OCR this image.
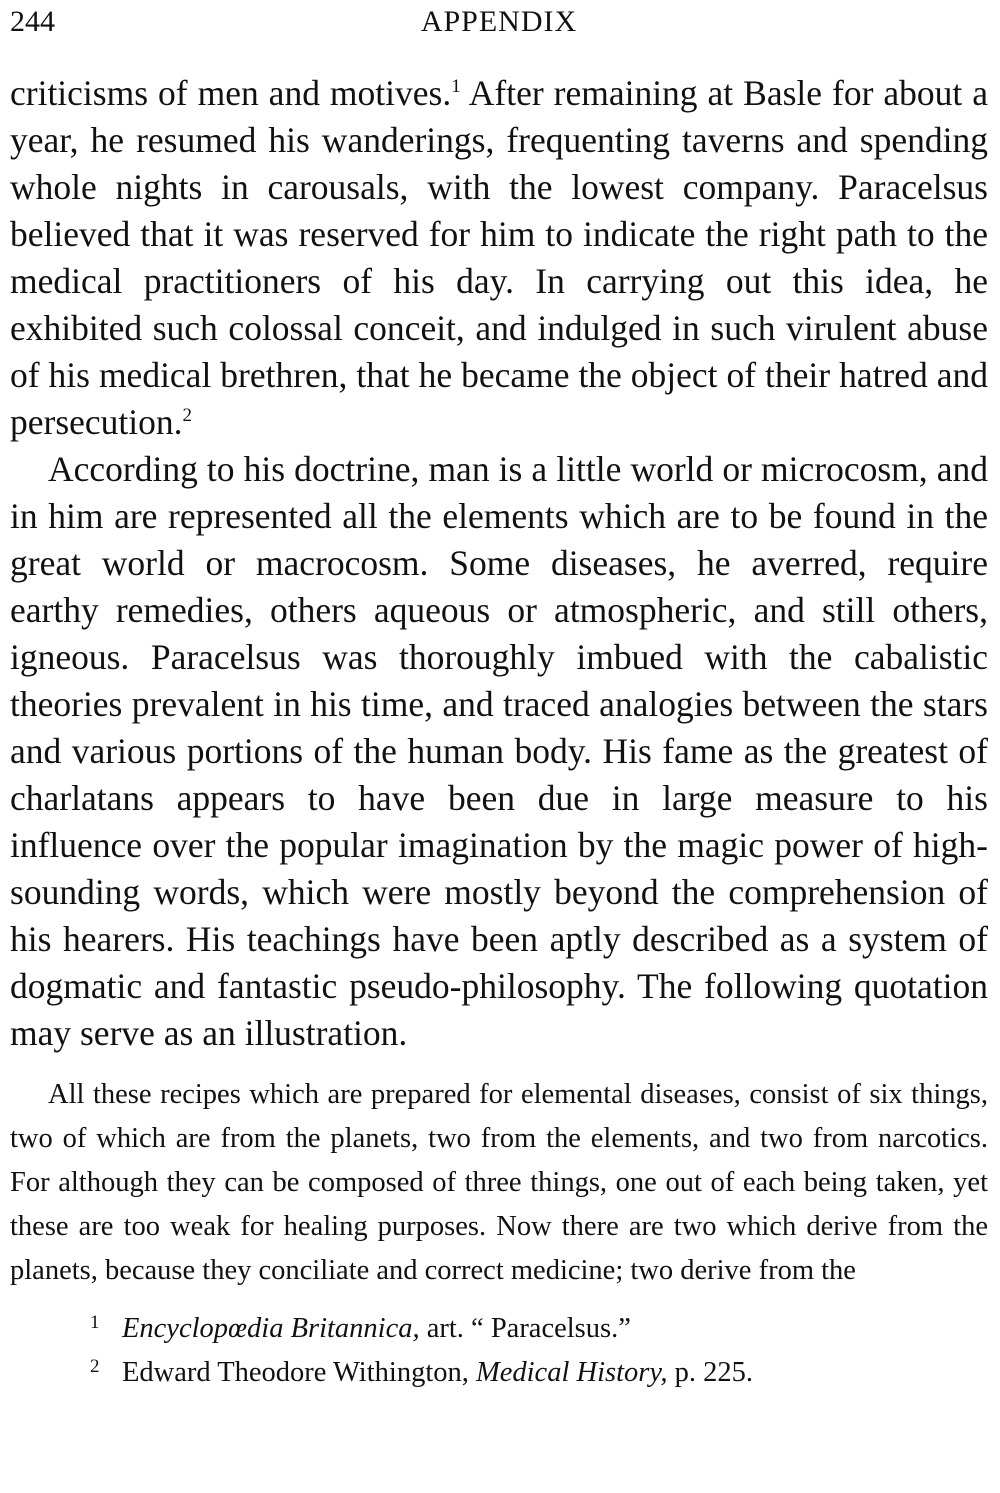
244	APPENDIX

criticisms of men and motives.$^1$ After remaining at Basle for about a year, he resumed his wanderings, frequenting taverns and spending whole nights in carousals, with the lowest company. Paracelsus believed that it was reserved for him to indicate the right path to the medical practitioners of his day. In carrying out this idea, he exhibited such colossal conceit, and indulged in such virulent abuse of his medical brethren, that he became the object of their hatred and persecution.$^2$

According to his doctrine, man is a little world or microcosm, and in him are represented all the elements which are to be found in the great world or macrocosm. Some diseases, he averred, require earthy remedies, others aqueous or atmospheric, and still others, igneous. Paracelsus was thoroughly imbued with the cabalistic theories prevalent in his time, and traced analogies between the stars and various portions of the human body. His fame as the greatest of charlatans appears to have been due in large measure to his influence over the popular imagination by the magic power of high-sounding words, which were mostly beyond the comprehension of his hearers. His teachings have been aptly described as a system of dogmatic and fantastic pseudo-philosophy. The following quotation may serve as an illustration.

All these recipes which are prepared for elemental diseases, consist of six things, two of which are from the planets, two from the elements, and two from narcotics. For although they can be composed of three things, one out of each being taken, yet these are too weak for healing purposes. Now there are two which derive from the planets, because they conciliate and correct medicine; two derive from the

1 Encyclopœdia Britannica, art. “ Paracelsus.”

2 Edward Theodore Withington, Medical History, p. 225.
